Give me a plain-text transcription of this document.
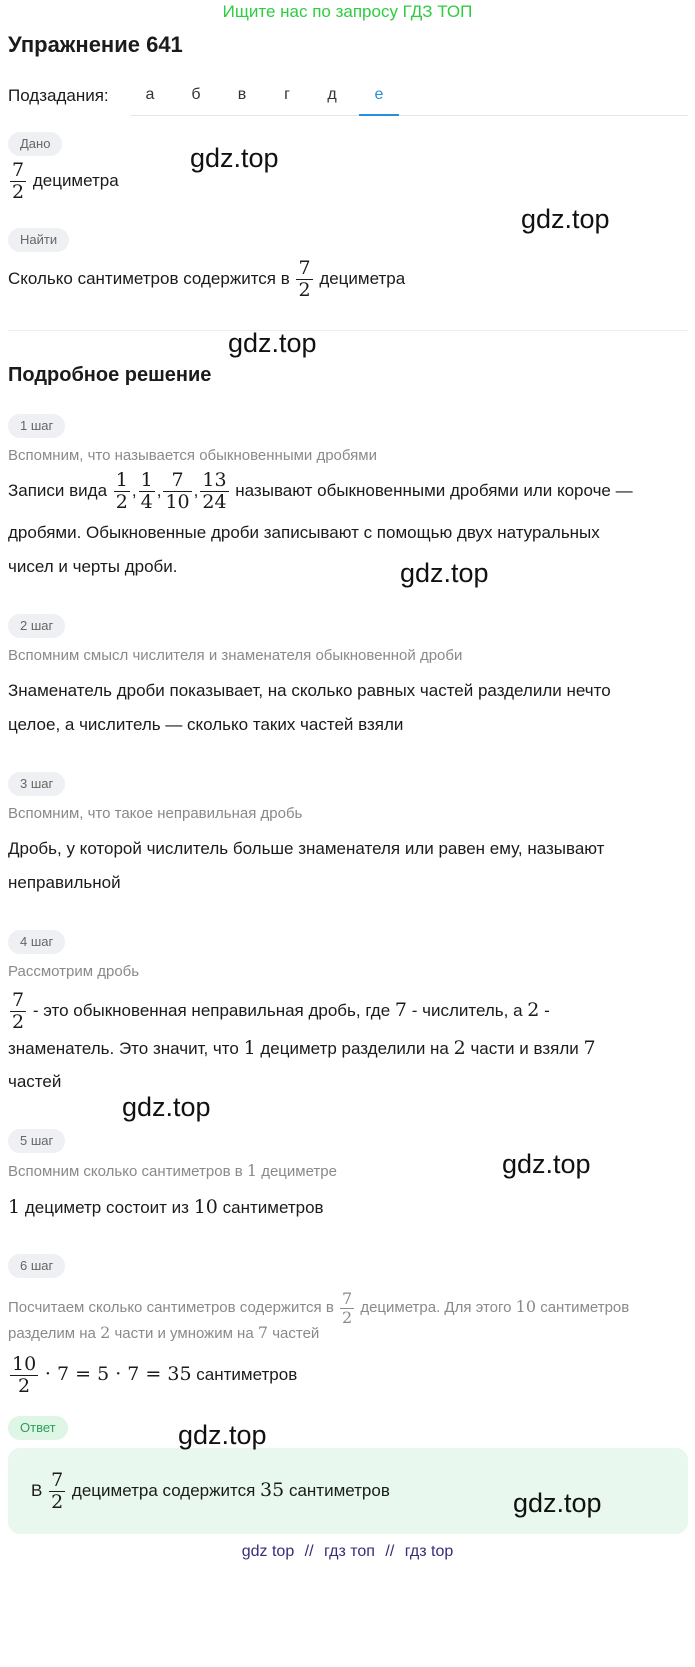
Ищите нас по запросу ГДЗ ТОП
Упражнение 641
Подзадания:	а	б	в	г	д	е
Дано
$\frac{7}{2}$ дециметра
Найти
Сколько сантиметров содержится в $\frac{7}{2}$ дециметра
Подробное решение
1 шаг
Вспомним, что называется обыкновенными дробями
Записи вида $\frac{1}{2}$ , $\frac{1}{4}$ , $\frac{7}{10}$ , $\frac{13}{24}$ называют обыкновенными дробями или короче —
дробями. Обыкновенные дроби записывают с помощью двух натуральных
чисел и черты дроби.
2 шаг
Вспомним смысл числителя и знаменателя обыкновенной дроби
Знаменатель дроби показывает, на сколько равных частей разделили нечто
целое, а числитель — сколько таких частей взяли
3 шаг
Вспомним, что такое неправильная дробь
Дробь, у которой числитель больше знаменателя или равен ему, называют
неправильной
4 шаг
Рассмотрим дробь
$\frac{7}{2}$ - это обыкновенная неправильная дробь, где 7 - числитель, а 2 -
знаменатель. Это значит, что 1 дециметр разделили на 2 части и взяли 7
частей
5 шаг
Вспомним сколько сантиметров в 1 дециметре
1 дециметр состоит из 10 сантиметров
6 шаг
Посчитаем сколько сантиметров содержится в $\frac{7}{2}$ дециметра. Для этого 10 сантиметров
разделим на 2 части и умножим на 7 частей
$\frac{10}{2} \cdot 7 = 5 \cdot 7 = 35$ сантиметров
Ответ
В $\frac{7}{2}$ дециметра содержится 35 сантиметров
gdz.top
gdz.top
gdz.top
gdz.top
gdz.top
gdz.top
gdz.top
gdz.top
gdz top // гдз топ // гдз top
